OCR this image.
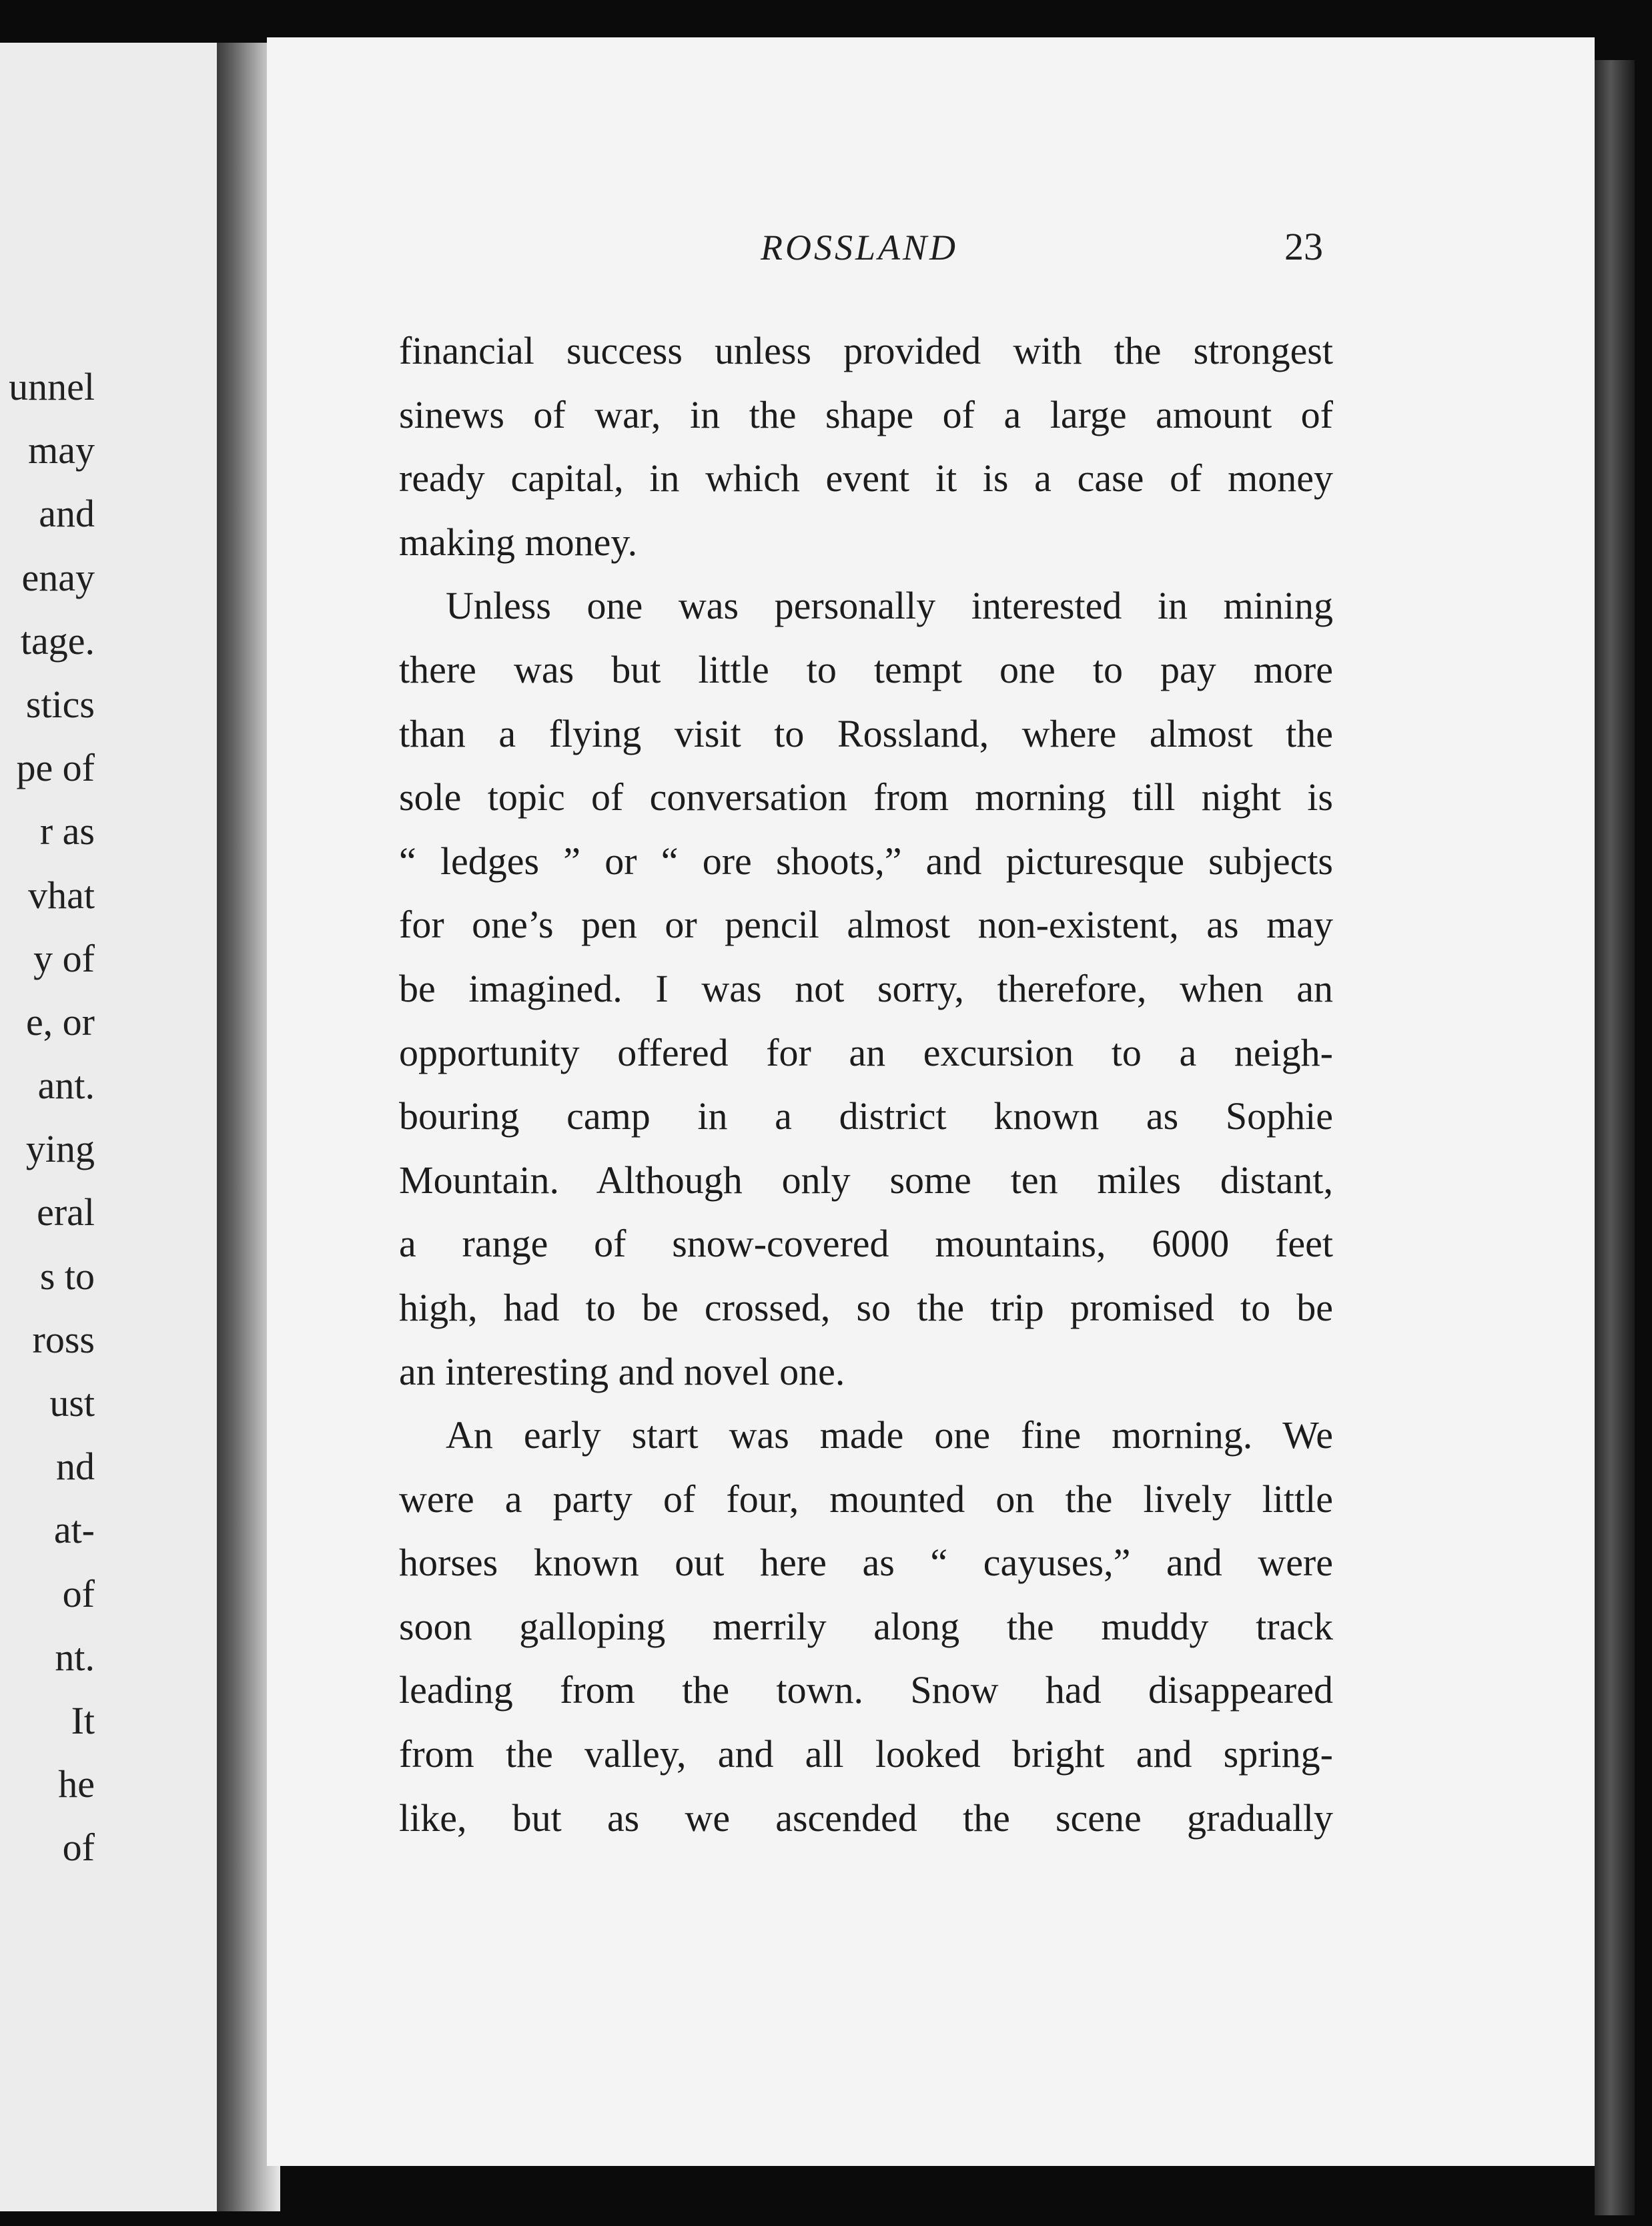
unnel
may
and
enay
tage.
stics
pe of
r as
vhat
y of
e, or
ant.
ying
eral
s to
ross
ust
nd
at-
of
nt.
It
he
of
ROSSLAND	23
financial success unless provided with the strongest
sinews of war, in the shape of a large amount of
ready capital, in which event it is a case of money
making money.
Unless one was personally interested in mining
there was but little to tempt one to pay more
than a flying visit to Rossland, where almost the
sole topic of conversation from morning till night is
“ ledges ” or “ ore shoots,” and picturesque subjects
for one’s pen or pencil almost non-existent, as may
be imagined. I was not sorry, therefore, when an
opportunity offered for an excursion to a neigh-
bouring camp in a district known as Sophie
Mountain. Although only some ten miles distant,
a range of snow-covered mountains, 6000 feet
high, had to be crossed, so the trip promised to be
an interesting and novel one.
An early start was made one fine morning. We
were a party of four, mounted on the lively little
horses known out here as “ cayuses,” and were
soon galloping merrily along the muddy track
leading from the town. Snow had disappeared
from the valley, and all looked bright and spring-
like, but as we ascended the scene gradually
